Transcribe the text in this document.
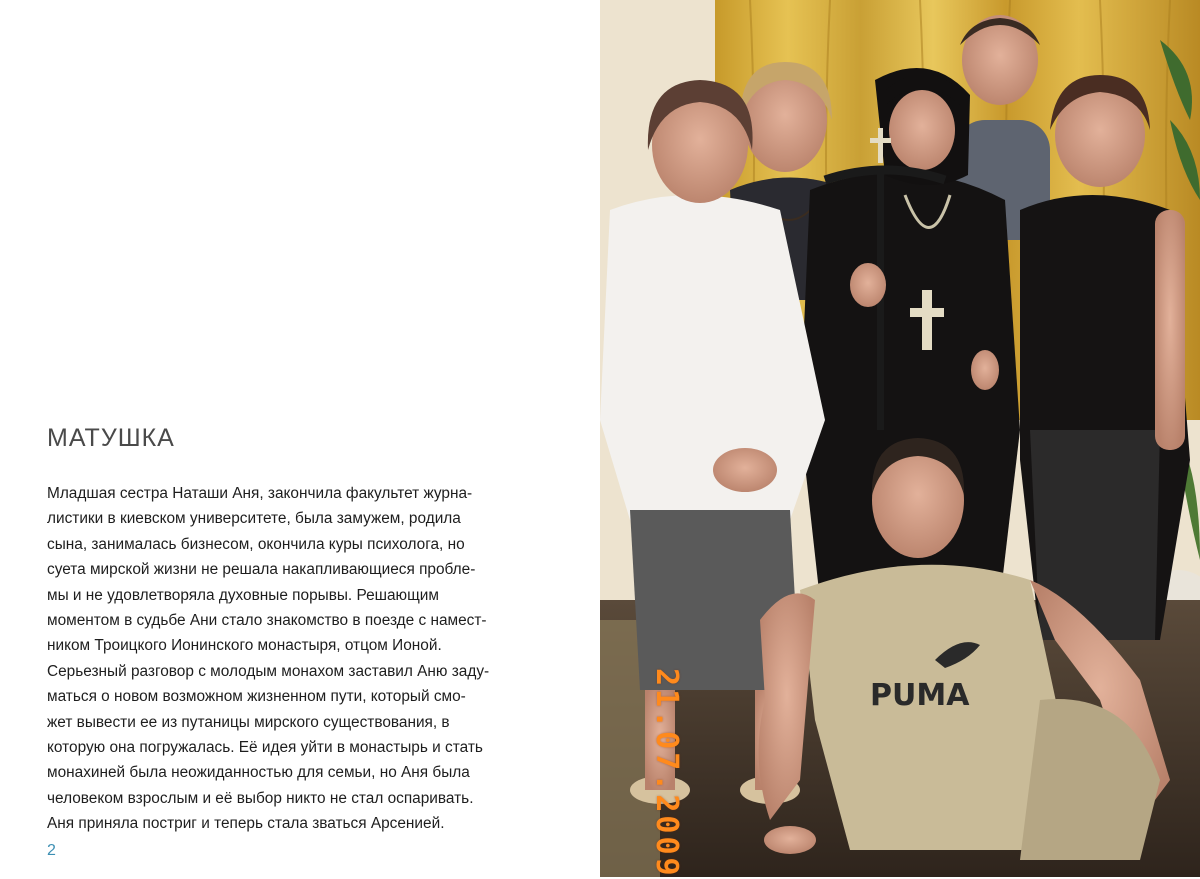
МАТУШКА
Младшая сестра Наташи Аня, закончила факультет журна-
листики в киевском университете, была замужем, родила
сына, занималась бизнесом, окончила куры психолога, но
суета мирской жизни не решала накапливающиеся пробле-
мы и не удовлетворяла духовные порывы. Решающим
моментом в судьбе Ани стало знакомство в поезде с намест-
ником Троицкого Ионинского монастыря, отцом Ионой.
Серьезный разговор с молодым монахом заставил Аню заду-
маться о новом возможном жизненном пути, который смо-
жет вывести ее из путаницы мирского существования, в
которую она погружалась. Её идея уйти в монастырь и стать
монахиней была неожиданностью для семьи, но Аня была
человеком взрослым и её выбор никто не стал оспаривать.
Аня приняла постриг и теперь стала зваться Арсенией.
2
PUMA
21.07.2009
